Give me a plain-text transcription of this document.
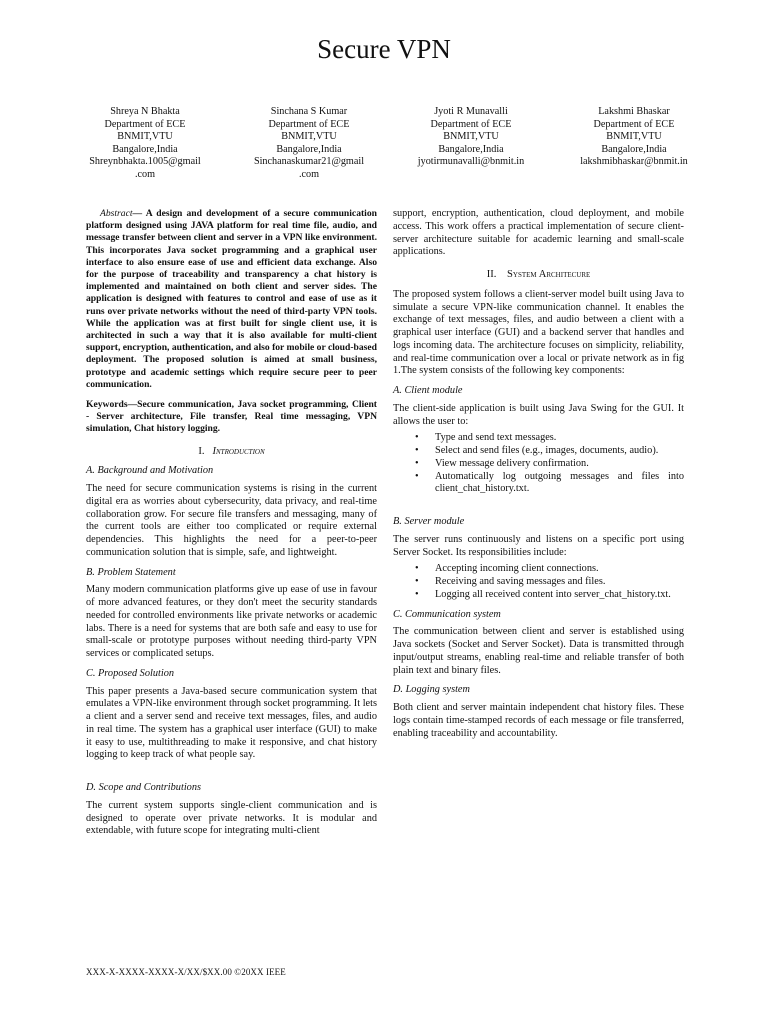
Secure VPN
Shreya N Bhakta
Department of ECE
BNMIT,VTU
Bangalore,India
Shreynbhakta.1005@gmail
.com
Sinchana S Kumar
Department of ECE
BNMIT,VTU
Bangalore,India
Sinchanaskumar21@gmail
.com
Jyoti R Munavalli
Department of ECE
BNMIT,VTU
Bangalore,India
jyotirmunavalli@bnmit.in
Lakshmi Bhaskar
Department of ECE
BNMIT,VTU
Bangalore,India
lakshmibhaskar@bnmit.in

Abstract— A design and development of a secure communication platform designed using JAVA platform for real time file, audio, and message transfer between client and server in a VPN like environment. This incorporates Java socket programming and a graphical user interface to also ensure ease of use and efficient data exchange. Also for the purpose of traceability and transparency a chat history is implemented and maintained on both client and server sides. The application is designed with features to control and ease of use as it runs over private networks without the need of third-party VPN tools. While the application was at first built for single client use, it is architected in such a way that it is also available for multi-client support, encryption, authentication, and also for mobile or cloud-based deployment. The proposed solution is aimed at small business, prototype and academic settings which require secure peer to peer communication.

Keywords—Secure communication, Java socket programming, Client - Server architecture, File transfer, Real time messaging, VPN simulation, Chat history logging.

I. Introduction
A. Background and Motivation

The need for secure communication systems is rising in the current digital era as worries about cybersecurity, data privacy, and real-time collaboration grow. For secure file transfers and messaging, many of the current tools are either too complicated or require external dependencies. This highlights the need for a peer-to-peer communication solution that is simple, safe, and lightweight.

B. Problem Statement

Many modern communication platforms give up ease of use in favour of more advanced features, or they don't meet the security standards needed for controlled environments like private networks or academic labs. There is a need for systems that are both safe and easy to use for small-scale or prototype purposes without needing third-party VPN services or complicated setups.

C. Proposed Solution

This paper presents a Java-based secure communication system that emulates a VPN-like environment through socket programming. It lets a client and a server send and receive text messages, files, and audio in real time. The system has a graphical user interface (GUI) to make it easy to use, multithreading to make it responsive, and chat history logging to keep track of what people say.

D. Scope and Contributions

The current system supports single-client communication and is designed to operate over private networks. It is modular and extendable, with future scope for integrating multi-client

support, encryption, authentication, cloud deployment, and mobile access. This work offers a practical implementation of secure client-server architecture suitable for academic learning and small-scale applications.

II. System Architecure

The proposed system follows a client-server model built using Java to simulate a secure VPN-like communication channel. It enables the exchange of text messages, files, and audio between a client with a graphical user interface (GUI) and a backend server that handles and logs incoming data. The architecture focuses on simplicity, reliability, and real-time communication over a local or private network as in fig 1.The system consists of the following key components:

A. Client module

The client-side application is built using Java Swing for the GUI. It allows the user to:

• Type and send text messages.
• Select and send files (e.g., images, documents, audio).
• View message delivery confirmation.
• Automatically log outgoing messages and files into client_chat_history.txt.
B. Server module

The server runs continuously and listens on a specific port using Server Socket. Its responsibilities include:

• Accepting incoming client connections.
• Receiving and saving messages and files.
• Logging all received content into server_chat_history.txt.
C. Communication system

The communication between client and server is established using Java sockets (Socket and Server Socket). Data is transmitted through input/output streams, enabling real-time and reliable transfer of both plain text and binary files.

D. Logging system

Both client and server maintain independent chat history files. These logs contain time-stamped records of each message or file transferred, enabling traceability and accountability.

XXX-X-XXXX-XXXX-X/XX/$XX.00 ©20XX IEEE
